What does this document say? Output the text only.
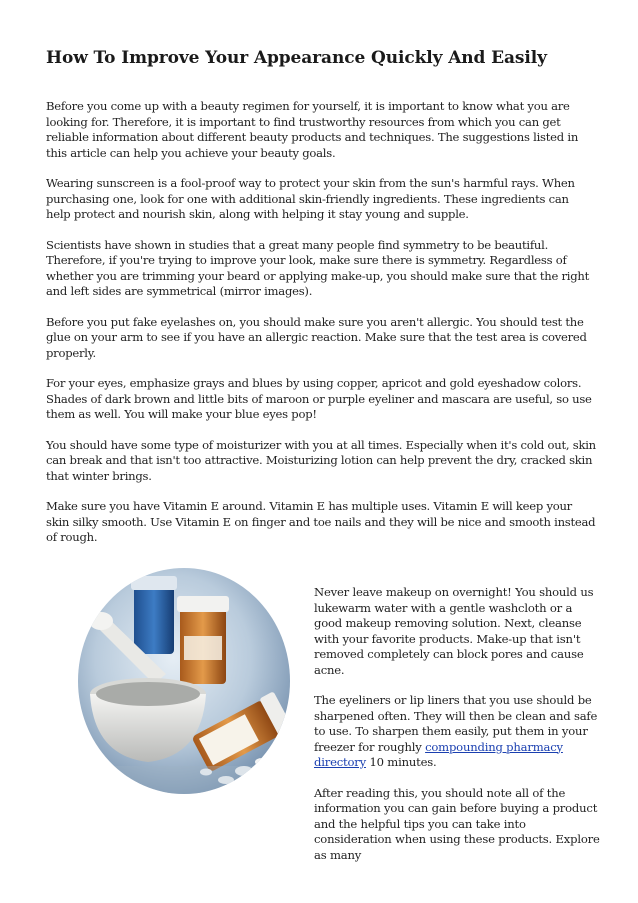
How To Improve Your Appearance Quickly And Easily

Before you come up with a beauty regimen for yourself, it is important to know what you are looking for. Therefore, it is important to find trustworthy resources from which you can get reliable information about different beauty products and techniques. The suggestions listed in this article can help you achieve your beauty goals.

Wearing sunscreen is a fool-proof way to protect your skin from the sun's harmful rays. When purchasing one, look for one with additional skin-friendly ingredients. These ingredients can help protect and nourish skin, along with helping it stay young and supple.

Scientists have shown in studies that a great many people find symmetry to be beautiful. Therefore, if you're trying to improve your look, make sure there is symmetry. Regardless of whether you are trimming your beard or applying make-up, you should make sure that the right and left sides are symmetrical (mirror images).

Before you put fake eyelashes on, you should make sure you aren't allergic. You should test the glue on your arm to see if you have an allergic reaction. Make sure that the test area is covered properly.

For your eyes, emphasize grays and blues by using copper, apricot and gold eyeshadow colors. Shades of dark brown and little bits of maroon or purple eyeliner and mascara are useful, so use them as well. You will make your blue eyes pop!

You should have some type of moisturizer with you at all times. Especially when it's cold out, skin can break and that isn't too attractive. Moisturizing lotion can help prevent the dry, cracked skin that winter brings.

Make sure you have Vitamin E around. Vitamin E has multiple uses. Vitamin E will keep your skin silky smooth. Use Vitamin E on finger and toe nails and they will be nice and smooth instead of rough.

Never leave makeup on overnight! You should us lukewarm water with a gentle washcloth or a good makeup removing solution. Next, cleanse with your favorite products. Make-up that isn't removed completely can block pores and cause acne.

The eyeliners or lip liners that you use should be sharpened often. They will then be clean and safe to use. To sharpen them easily, put them in your freezer for roughly compounding pharmacy directory 10 minutes.

After reading this, you should note all of the information you can gain before buying a product and the helpful tips you can take into consideration when using these products. Explore as many
